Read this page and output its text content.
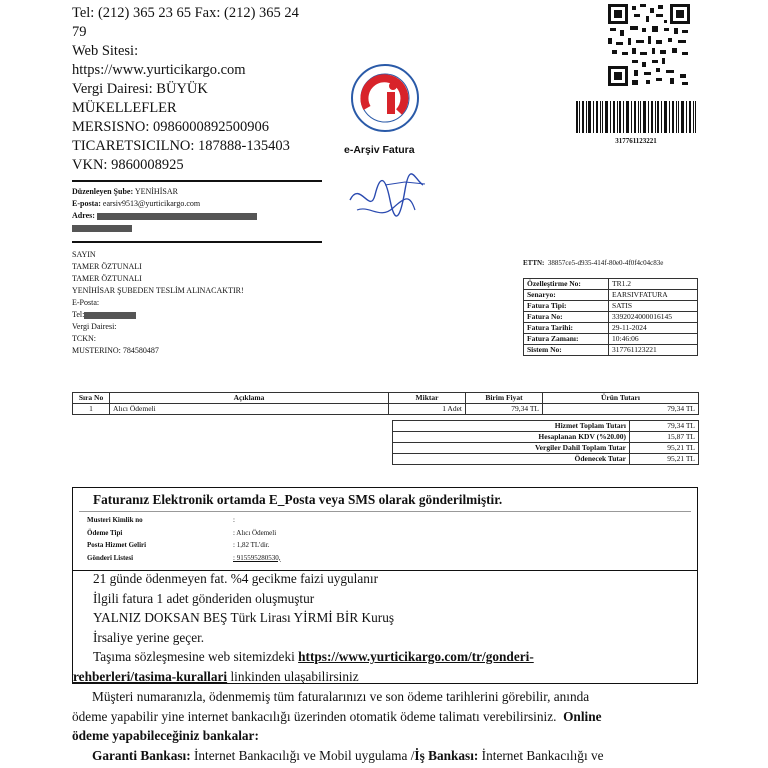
Tel: (212) 365 23 65 Fax: (212) 365 24
79
Web Sitesi:
https://www.yurticikargo.com
Vergi Dairesi: BÜYÜK
MÜKELLEFLER
MERSISNO: 0986000892500906
TICARETSICILNO: 187888-135403
VKN: 9860008925
Düzenleyen Şube: YENİHİSAR
E-posta: earsiv9513@yurticikargo.com
Adres:
e-Arşiv Fatura
317761123221
SAYIN
TAMER ÖZTUNALI
TAMER ÖZTUNALI
YENİHİSAR ŞUBEDEN TESLİM ALINACAKTIR!
E-Posta:
Tel:
Vergi Dairesi:
TCKN:
MUSTERINO: 784580487
ETTN: 38857ce5-d935-414f-80e0-4f0f4c04c83e
Özelleştirme No:	TR1.2
Senaryo:	EARSIVFATURA
Fatura Tipi:	SATIS
Fatura No:	3392024000016145
Fatura Tarihi:	29-11-2024
Fatura Zamanı:	10:46:06
Sistem No:	317761123221
Sıra No	Açıklama	Miktar	Birim Fiyat	Ürün Tutarı
1	Alıcı Ödemeli	1 Adet	79,34 TL	79,34 TL
Hizmet Toplam Tutarı	79,34 TL
Hesaplanan KDV (%20.00)	15,87 TL
Vergiler Dahil Toplam Tutar	95,21 TL
Ödenecek Tutar	95,21 TL
Faturanız Elektronik ortamda E_Posta veya SMS olarak gönderilmiştir.
Musteri Kimlik no	:
Ödeme Tipi	: Alıcı Ödemeli
Posta Hizmet Geliri	: 1,82 TL'dir.
Gönderi Listesi	: 915595280530,
21 günde ödenmeyen fat. %4 gecikme faizi uygulanır
İlgili fatura 1 adet gönderiden oluşmuştur
YALNIZ DOKSAN BEŞ Türk Lirası YİRMİ BİR Kuruş
İrsaliye yerine geçer.
Taşıma sözleşmesine web sitemizdeki https://www.yurticikargo.com/tr/gonderi-
rehberleri/tasima-kurallari linkinden ulaşabilirsiniz
Müşteri numaranızla, ödenmemiş tüm faturalarınızı ve son ödeme tarihlerini görebilir, anında
ödeme yapabilir yine internet bankacılığı üzerinden otomatik ödeme talimatı verebilirsiniz. Online
ödeme yapabileceğiniz bankalar:
Garanti Bankası: İnternet Bankacılığı ve Mobil uygulama /İş Bankası: İnternet Bankacılığı ve
